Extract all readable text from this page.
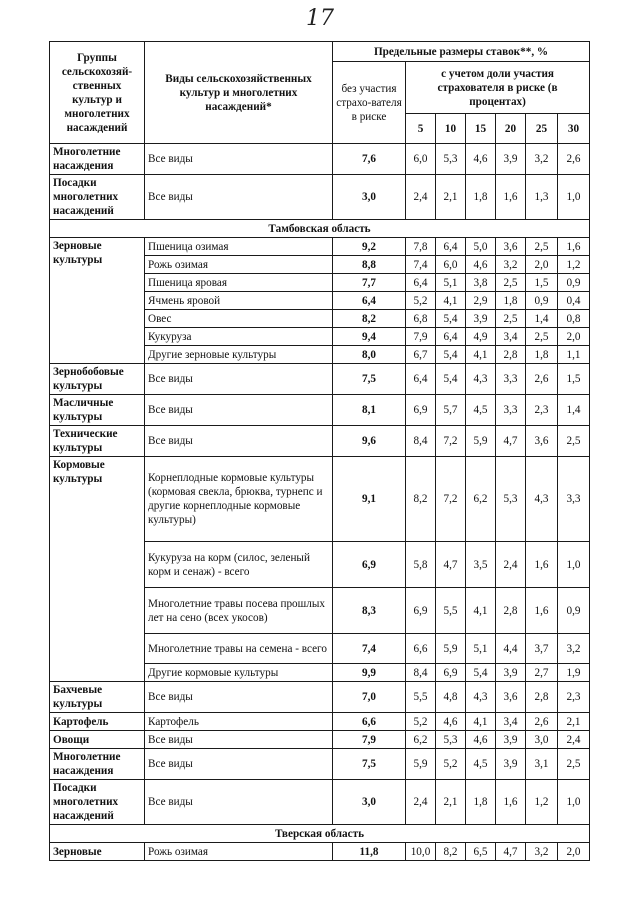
17
Группы сельскохозяй-ственных культур и многолетних насаждений	Виды сельскохозяйственных культур и многолетних насаждений*	Предельные размеры ставок**, %						
		без участия страхо-вателя в риске	с учетом доли участия страхователя в риске (в процентах)					
			5	10	15	20	25	30
Многолетние насаждения	Все виды	7,6	6,0	5,3	4,6	3,9	3,2	2,6
Посадки многолетних насаждений	Все виды	3,0	2,4	2,1	1,8	1,6	1,3	1,0
Тамбовская область								
Зерновые культуры	Пшеница озимая	9,2	7,8	6,4	5,0	3,6	2,5	1,6
	Рожь озимая	8,8	7,4	6,0	4,6	3,2	2,0	1,2
	Пшеница яровая	7,7	6,4	5,1	3,8	2,5	1,5	0,9
	Ячмень яровой	6,4	5,2	4,1	2,9	1,8	0,9	0,4
	Овес	8,2	6,8	5,4	3,9	2,5	1,4	0,8
	Кукуруза	9,4	7,9	6,4	4,9	3,4	2,5	2,0
	Другие зерновые культуры	8,0	6,7	5,4	4,1	2,8	1,8	1,1
Зернобобовые культуры	Все виды	7,5	6,4	5,4	4,3	3,3	2,6	1,5
Масличные культуры	Все виды	8,1	6,9	5,7	4,5	3,3	2,3	1,4
Технические культуры	Все виды	9,6	8,4	7,2	5,9	4,7	3,6	2,5
Кормовые культуры	Корнеплодные кормовые культуры (кормовая свекла, брюква, турнепс и другие корнеплодные кормовые культуры)	9,1	8,2	7,2	6,2	5,3	4,3	3,3
	Кукуруза на корм (силос, зеленый корм и сенаж) - всего	6,9	5,8	4,7	3,5	2,4	1,6	1,0
	Многолетние травы посева прошлых лет на сено (всех укосов)	8,3	6,9	5,5	4,1	2,8	1,6	0,9
	Многолетние травы на семена - всего	7,4	6,6	5,9	5,1	4,4	3,7	3,2
	Другие кормовые культуры	9,9	8,4	6,9	5,4	3,9	2,7	1,9
Бахчевые культуры	Все виды	7,0	5,5	4,8	4,3	3,6	2,8	2,3
Картофель	Картофель	6,6	5,2	4,6	4,1	3,4	2,6	2,1
Овощи	Все виды	7,9	6,2	5,3	4,6	3,9	3,0	2,4
Многолетние насаждения	Все виды	7,5	5,9	5,2	4,5	3,9	3,1	2,5
Посадки многолетних насаждений	Все виды	3,0	2,4	2,1	1,8	1,6	1,2	1,0
Тверская область								
Зерновые	Рожь озимая	11,8	10,0	8,2	6,5	4,7	3,2	2,0
